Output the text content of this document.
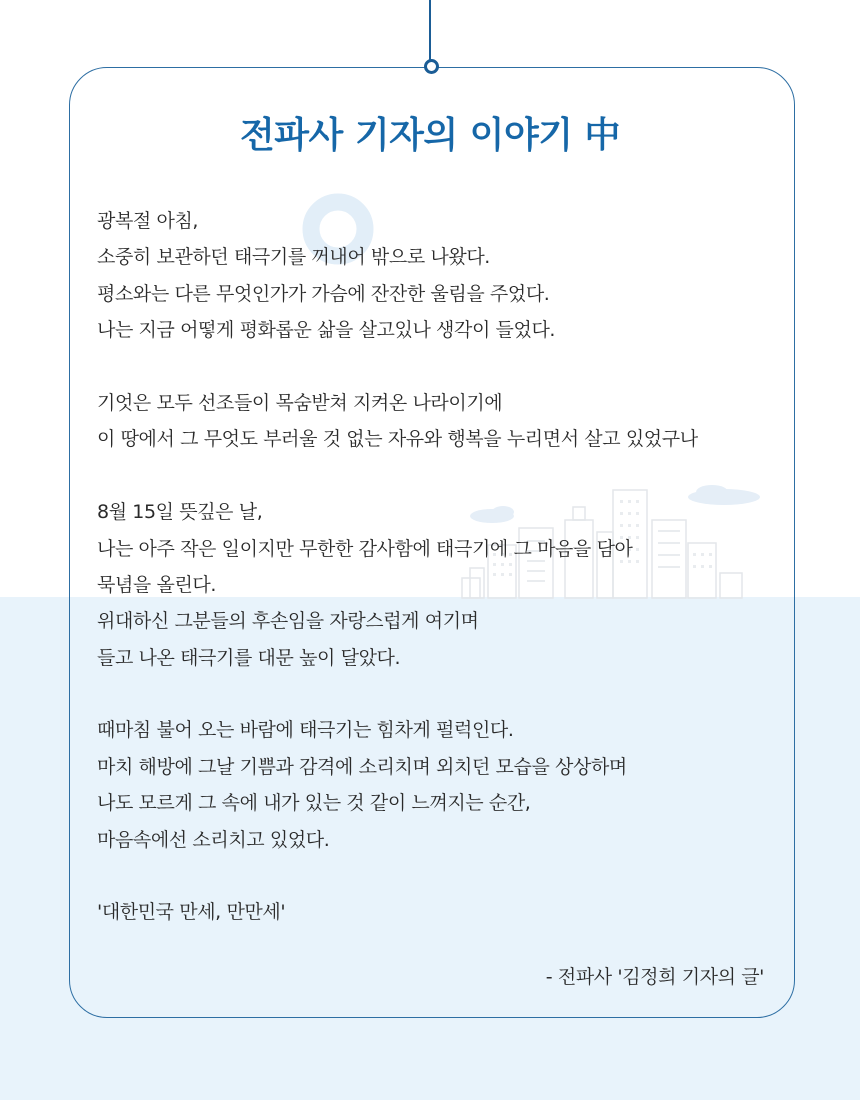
전파사 기자의 이야기 中
광복절 아침,
소중히 보관하던 태극기를 꺼내어 밖으로 나왔다.
평소와는 다른 무엇인가가 가슴에 잔잔한 울림을 주었다.
나는 지금 어떻게 평화롭운 삶을 살고있나 생각이 들었다.
기엇은 모두 선조들이 목숨받쳐 지켜온 나라이기에
이 땅에서 그 무엇도 부러울 것 없는 자유와 행복을 누리면서 살고 있었구나
8월 15일 뜻깊은 날,
나는 아주 작은 일이지만 무한한 감사함에 태극기에 그 마음을 담아
묵념을 올린다.
위대하신 그분들의 후손임을 자랑스럽게 여기며
들고 나온 태극기를 대문 높이 달았다.
때마침 불어 오는 바람에 태극기는 힘차게 펄럭인다.
마치 해방에 그날 기쁨과 감격에 소리치며 외치던 모습을 상상하며
나도 모르게 그 속에 내가 있는 것 같이 느껴지는 순간,
마음속에선 소리치고 있었다.
'대한민국 만세, 만만세'
- 전파사 '김정희 기자의 글'
